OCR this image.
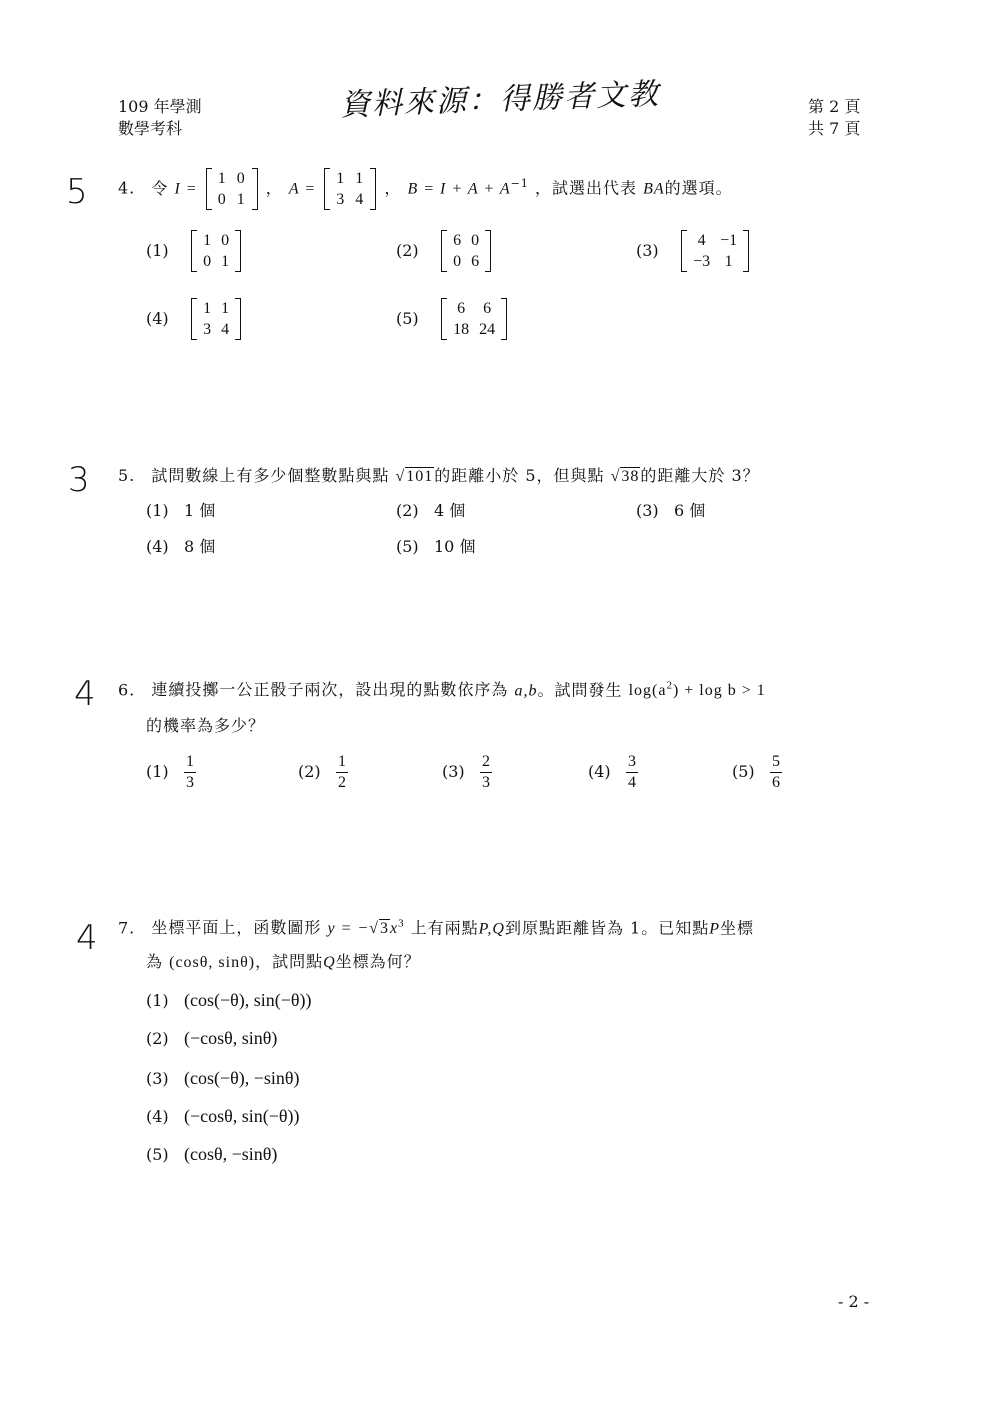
109 年學測
數學考科
資料來源：得勝者文教	第 2 頁
共 7 頁
5 4. 令 I =
1	0
0	1
， A =
1	1
3	4
， $B = I + A + A^{-1}$ ，試選出代表 BA的選項。
(1) 1	0
0	1
(2) 6	0
0	6
(3) 4	−1
−3	1
(4) 1	1
3	4
(5) 6	6
18	24
3 5. 試問數線上有多少個整數點與點 √101的距離小於 5，但與點 √38的距離大於 3？
(1) 1 個	(2) 4 個	(3) 6 個
(4) 8 個	(5) 10 個
4 6. 連續投擲一公正骰子兩次，設出現的點數依序為 a,b。試問發生 $\log(a^2) + \log b > 1$
的機率為多少？
$(1) \frac{1}{3}$	$(2) \frac{1}{2}$	$(3) \frac{2}{3}$	$(4) \frac{3}{4}$	$(5) \frac{5}{6}$
4 7. 坐標平面上，函數圖形 $y = -√3x^3$ 上有兩點P,Q到原點距離皆為 1。已知點P坐標
為 (cosθ, sinθ)，試問點Q坐標為何？
(1) (cos(−θ), sin(−θ))
(2) (−cosθ, sinθ)
(3) (cos(−θ), −sinθ)
(4) (−cosθ, sin(−θ))
(5) (cosθ, −sinθ)
- 2 -
